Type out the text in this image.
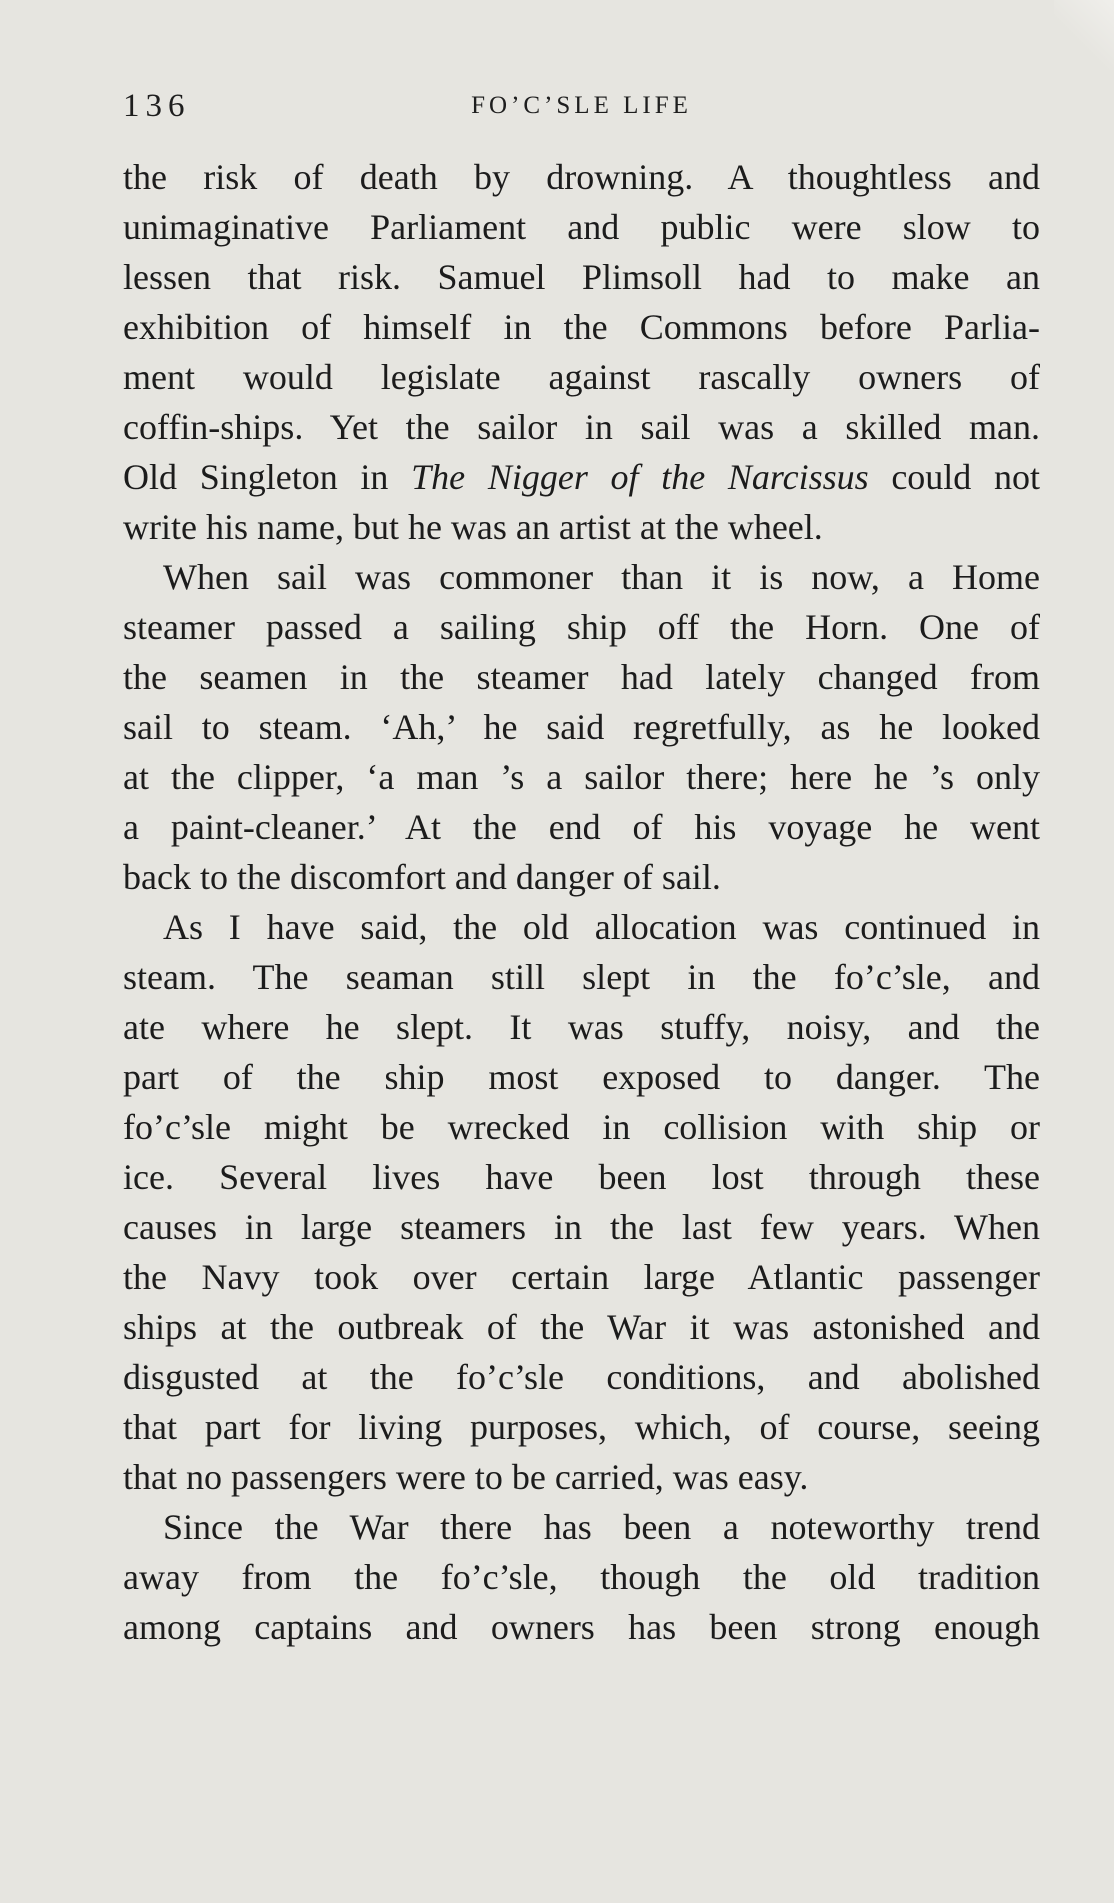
136	FO’C’SLE LIFE
the risk of death by drowning. A thoughtless and
unimaginative Parliament and public were slow to
lessen that risk. Samuel Plimsoll had to make an
exhibition of himself in the Commons before Parlia-
ment would legislate against rascally owners of
coffin-ships. Yet the sailor in sail was a skilled man.
Old Singleton in The Nigger of the Narcissus could not
write his name, but he was an artist at the wheel.
When sail was commoner than it is now, a Home
steamer passed a sailing ship off the Horn. One of
the seamen in the steamer had lately changed from
sail to steam. ‘Ah,’ he said regretfully, as he looked
at the clipper, ‘a man ’s a sailor there; here he ’s only
a paint-cleaner.’ At the end of his voyage he went
back to the discomfort and danger of sail.
As I have said, the old allocation was continued in
steam. The seaman still slept in the fo’c’sle, and
ate where he slept. It was stuffy, noisy, and the
part of the ship most exposed to danger. The
fo’c’sle might be wrecked in collision with ship or
ice. Several lives have been lost through these
causes in large steamers in the last few years. When
the Navy took over certain large Atlantic passenger
ships at the outbreak of the War it was astonished and
disgusted at the fo’c’sle conditions, and abolished
that part for living purposes, which, of course, seeing
that no passengers were to be carried, was easy.
Since the War there has been a noteworthy trend
away from the fo’c’sle, though the old tradition
among captains and owners has been strong enough
